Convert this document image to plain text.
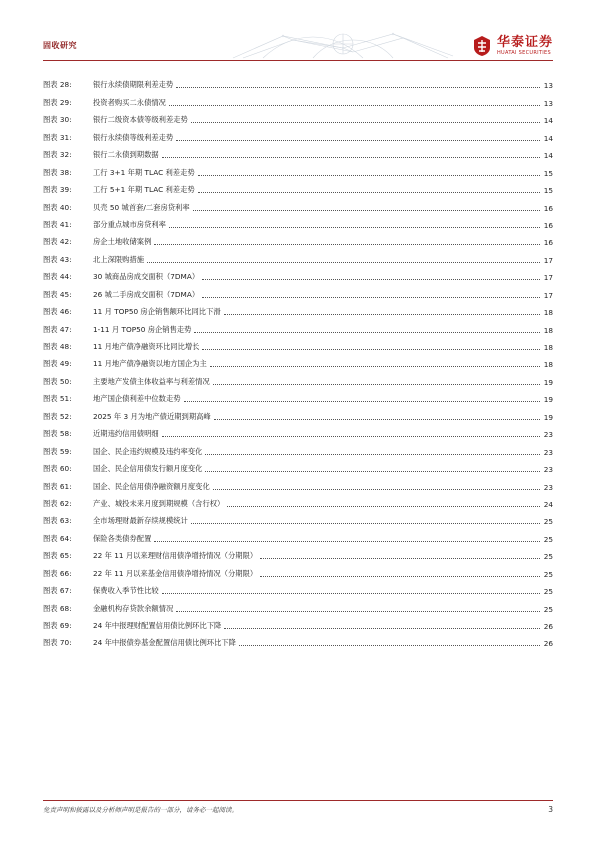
固收研究	华泰证券
HUATAI SECURITIES
图表 28:	银行永续债期限利差走势	13
图表 29:	投资者购买二永债情况	13
图表 30:	银行二级资本债等级利差走势	14
图表 31:	银行永续债等级利差走势	14
图表 32:	银行二永债到期数据	14
图表 38:	工行 3+1 年期 TLAC 利差走势	15
图表 39:	工行 5+1 年期 TLAC 利差走势	15
图表 40:	贝壳 50 城首套/二套房贷利率	16
图表 41:	部分重点城市房贷利率	16
图表 42:	房企土地收储案例	16
图表 43:	北上深限购措施	17
图表 44:	30 城商品房成交面积（7DMA）	17
图表 45:	26 城二手房成交面积（7DMA）	17
图表 46:	11 月 TOP50 房企销售额环比同比下滑	18
图表 47:	1-11 月 TOP50 房企销售走势	18
图表 48:	11 月地产债净融资环比同比增长	18
图表 49:	11 月地产债净融资以地方国企为主	18
图表 50:	主要地产发债主体收益率与利差情况	19
图表 51:	地产国企债利差中位数走势	19
图表 52:	2025 年 3 月为地产债近期到期高峰	19
图表 58:	近期违约信用债明细	23
图表 59:	国企、民企违约规模及违约率变化	23
图表 60:	国企、民企信用债发行额月度变化	23
图表 61:	国企、民企信用债净融资额月度变化	23
图表 62:	产业、城投未来月度到期规模（含行权）	24
图表 63:	全市场理财最新存续规模统计	25
图表 64:	保险各类债券配置	25
图表 65:	22 年 11 月以来理财信用债净增持情况（分期限）	25
图表 66:	22 年 11 月以来基金信用债净增持情况（分期限）	25
图表 67:	保费收入季节性比较	25
图表 68:	金融机构存贷款余额情况	25
图表 69:	24 年中报理财配置信用债比例环比下降	26
图表 70:	24 年中报债券基金配置信用债比例环比下降	26
免责声明和披露以及分析师声明是报告的一部分，请务必一起阅读。	3
